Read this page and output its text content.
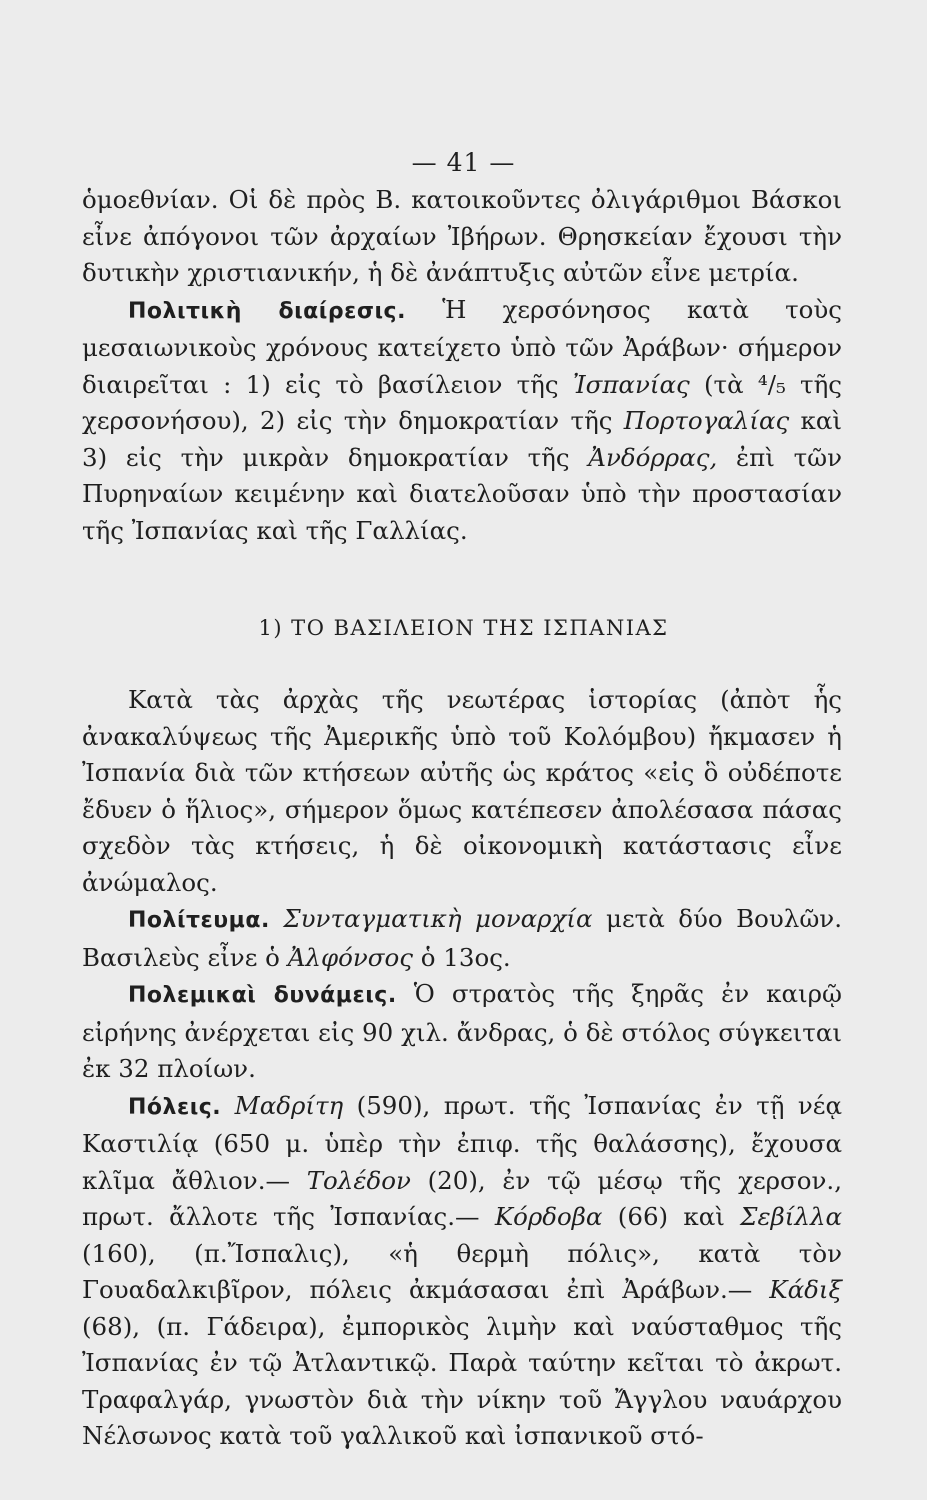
— 41 —

ὁμοεθνίαν. Οἱ δὲ πρὸς Β. κατοικοῦντες ὀλιγάριθμοι Βάσκοι εἶνε ἀπόγονοι τῶν ἀρχαίων Ἰβήρων. Θρησκείαν ἔχουσι τὴν δυτικὴν χριστιανικήν, ἡ δὲ ἀνάπτυξις αὐτῶν εἶνε μετρία.

Πολιτικὴ διαίρεσις. Ἡ χερσόνησος κατὰ τοὺς μεσαιωνικοὺς χρόνους κατείχετο ὑπὸ τῶν Ἀράβων· σήμερον διαιρεῖται : 1) εἰς τὸ βασίλειον τῆς Ἰσπανίας (τὰ ⁴/₅ τῆς χερσονήσου), 2) εἰς τὴν δημοκρατίαν τῆς Πορτογαλίας καὶ 3) εἰς τὴν μικρὰν δημοκρατίαν τῆς Ἀνδόρρας, ἐπὶ τῶν Πυρηναίων κειμένην καὶ διατελοῦσαν ὑπὸ τὴν προστασίαν τῆς Ἰσπανίας καὶ τῆς Γαλλίας.

1) ΤΟ ΒΑΣΙΛΕΙΟΝ ΤΗΣ ΙΣΠΑΝΙΑΣ

Κατὰ τὰς ἀρχὰς τῆς νεωτέρας ἱστορίας (ἀπὸτ ἧς ἀνακαλύψεως τῆς Ἀμερικῆς ὑπὸ τοῦ Κολόμβου) ἤκμασεν ἡ Ἰσπανία διὰ τῶν κτήσεων αὐτῆς ὡς κράτος «εἰς ὃ οὐδέποτε ἔδυεν ὁ ἥλιος», σήμερον ὅμως κατέπεσεν ἀπολέσασα πάσας σχεδὸν τὰς κτήσεις, ἡ δὲ οἰκονομικὴ κατάστασις εἶνε ἀνώμαλος.

Πολίτευμα. Συνταγματικὴ μοναρχία μετὰ δύο Βουλῶν. Βασιλεὺς εἶνε ὁ Ἀλφόνσος ὁ 13ος.

Πολεμικαὶ δυνάμεις. Ὁ στρατὸς τῆς ξηρᾶς ἐν καιρῷ εἰρήνης ἀνέρχεται εἰς 90 χιλ. ἄνδρας, ὁ δὲ στόλος σύγκειται ἐκ 32 πλοίων.

Πόλεις. Μαδρίτη (590), πρωτ. τῆς Ἰσπανίας ἐν τῇ νέᾳ Καστιλίᾳ (650 μ. ὑπὲρ τὴν ἐπιφ. τῆς θαλάσσης), ἔχουσα κλῖμα ἄθλιον.— Τολέδον (20), ἐν τῷ μέσῳ τῆς χερσον., πρωτ. ἄλλοτε τῆς Ἰσπανίας.— Κόρδοβα (66) καὶ Σεβίλλα (160), (π.Ἴσπαλις), «ἡ θερμὴ πόλις», κατὰ τὸν Γουαδαλκιβῖρον, πόλεις ἀκμάσασαι ἐπὶ Ἀράβων.— Κάδιξ (68), (π. Γάδειρα), ἐμπορικὸς λιμὴν καὶ ναύσταθμος τῆς Ἰσπανίας ἐν τῷ Ἀτλαντικῷ. Παρὰ ταύτην κεῖται τὸ ἀκρωτ. Τραφαλγάρ, γνωστὸν διὰ τὴν νίκην τοῦ Ἄγγλου ναυάρχου Νέλσωνος κατὰ τοῦ γαλλικοῦ καὶ ἰσπανικοῦ στό-
